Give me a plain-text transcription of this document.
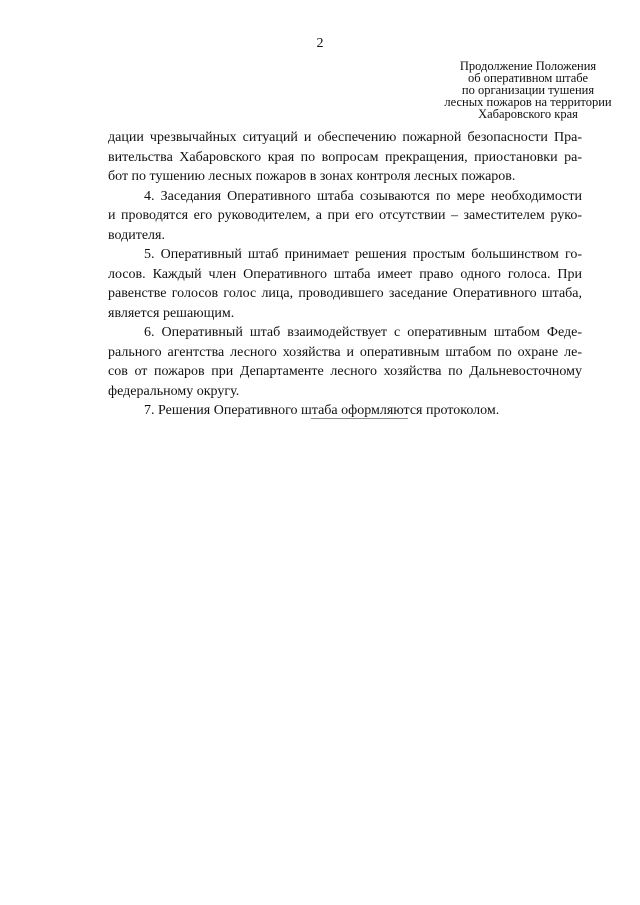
2
Продолжение Положения
об оперативном штабе
по организации тушения
лесных пожаров на территории
Хабаровского края

дации чрезвычайных ситуаций и обеспечению пожарной безопасности Пра-
вительства Хабаровского края по вопросам прекращения, приостановки ра-
бот по тушению лесных пожаров в зонах контроля лесных пожаров.

4. Заседания Оперативного штаба созываются по мере необходимости
и проводятся его руководителем, а при его отсутствии – заместителем руко-
водителя.

5. Оперативный штаб принимает решения простым большинством го-
лосов. Каждый член Оперативного штаба имеет право одного голоса. При
равенстве голосов голос лица, проводившего заседание Оперативного штаба,
является решающим.

6. Оперативный штаб взаимодействует с оперативным штабом Феде-
рального агентства лесного хозяйства и оперативным штабом по охране ле-
сов от пожаров при Департаменте лесного хозяйства по Дальневосточному
федеральному округу.

7. Решения Оперативного штаба оформляются протоколом.
